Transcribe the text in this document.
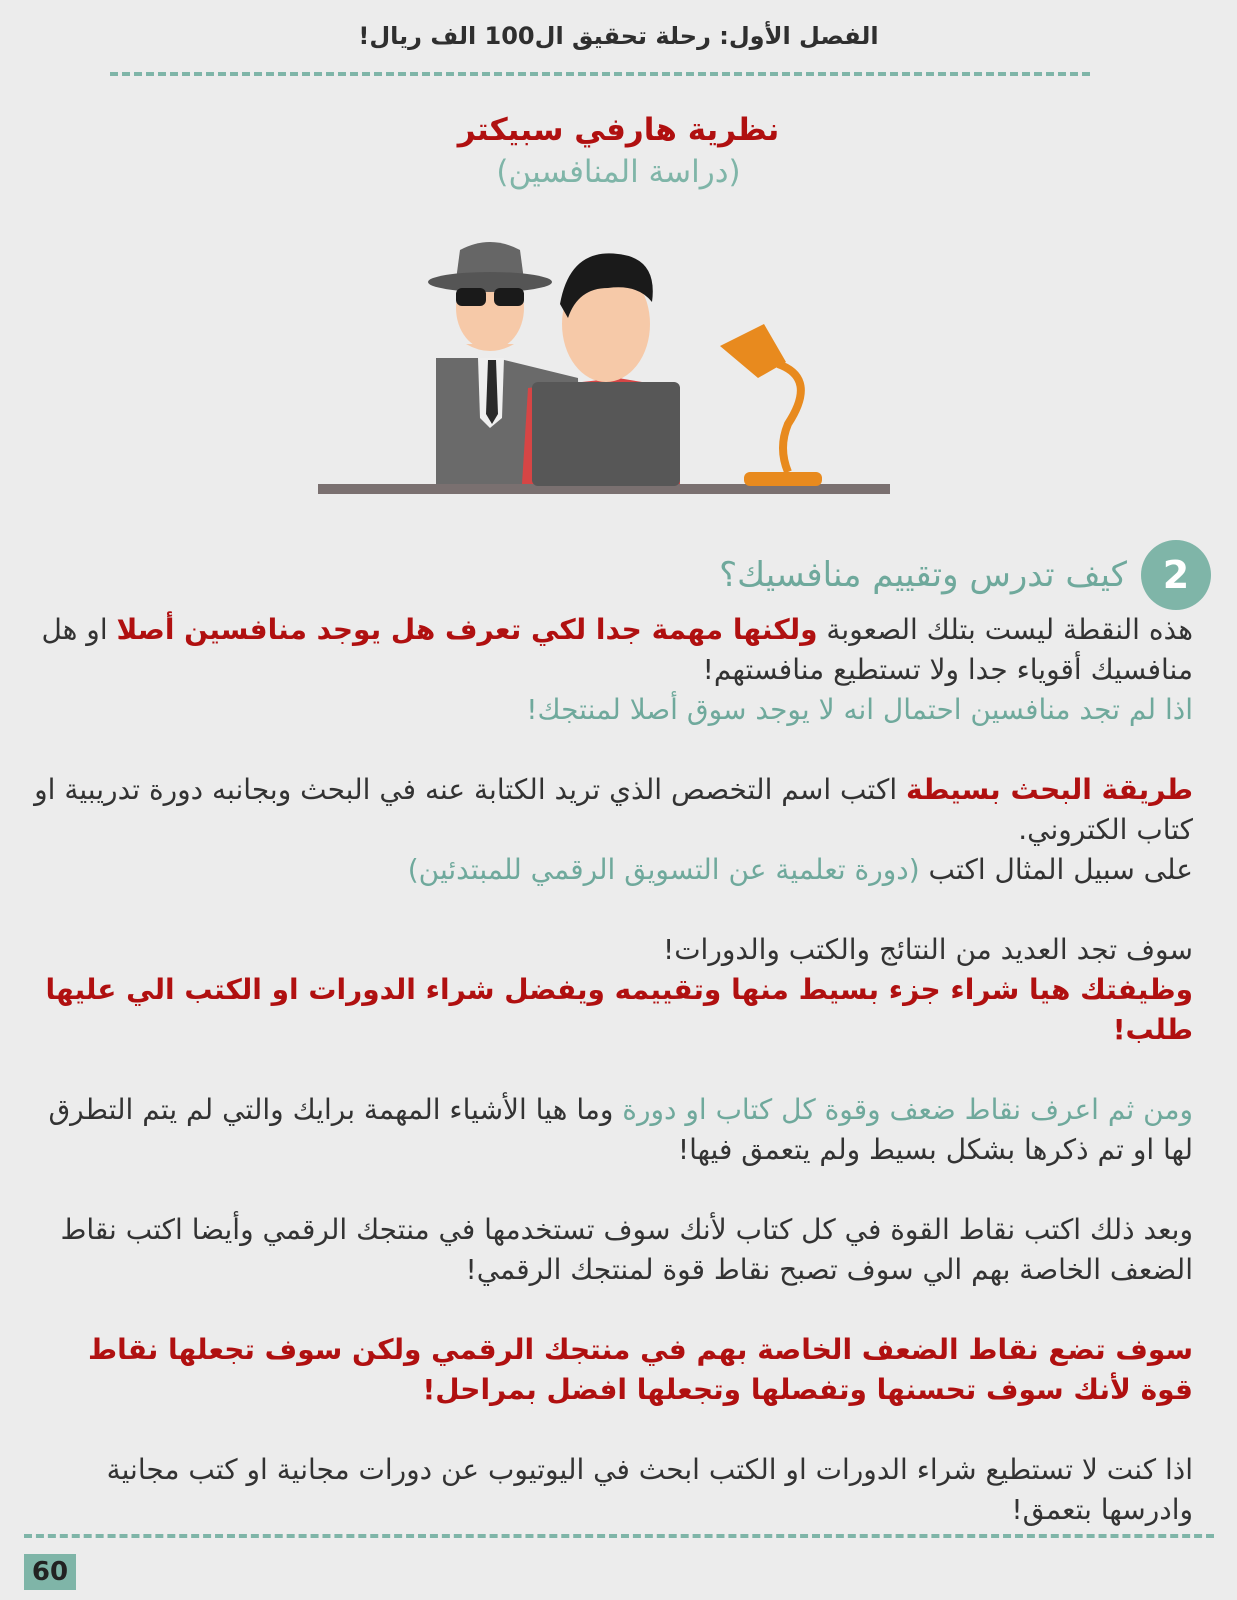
الفصل الأول: رحلة تحقيق ال100 الف ريال!
نظرية هارفي سبيكتر
(دراسة المنافسين)
2
كيف تدرس وتقييم منافسيك؟

هذه النقطة ليست بتلك الصعوبة ولكنها مهمة جدا لكي تعرف هل يوجد منافسين أصلا او هل منافسيك أقوياء جدا ولا تستطيع منافستهم!
اذا لم تجد منافسين احتمال انه لا يوجد سوق أصلا لمنتجك!

طريقة البحث بسيطة اكتب اسم التخصص الذي تريد الكتابة عنه في البحث وبجانبه دورة تدريبية او كتاب الكتروني.
على سبيل المثال اكتب (دورة تعلمية عن التسويق الرقمي للمبتدئين)

سوف تجد العديد من النتائج والكتب والدورات!
وظيفتك هيا شراء جزء بسيط منها وتقييمه ويفضل شراء الدورات او الكتب الي عليها طلب!

ومن ثم اعرف نقاط ضعف وقوة كل كتاب او دورة وما هيا الأشياء المهمة برايك والتي لم يتم التطرق لها او تم ذكرها بشكل بسيط ولم يتعمق فيها!

وبعد ذلك اكتب نقاط القوة في كل كتاب لأنك سوف تستخدمها في منتجك الرقمي وأيضا اكتب نقاط الضعف الخاصة بهم الي سوف تصبح نقاط قوة لمنتجك الرقمي!

سوف تضع نقاط الضعف الخاصة بهم في منتجك الرقمي ولكن سوف تجعلها نقاط قوة لأنك سوف تحسنها وتفصلها وتجعلها افضل بمراحل!

اذا كنت لا تستطيع شراء الدورات او الكتب ابحث في اليوتيوب عن دورات مجانية او كتب مجانية وادرسها بتعمق!

60
